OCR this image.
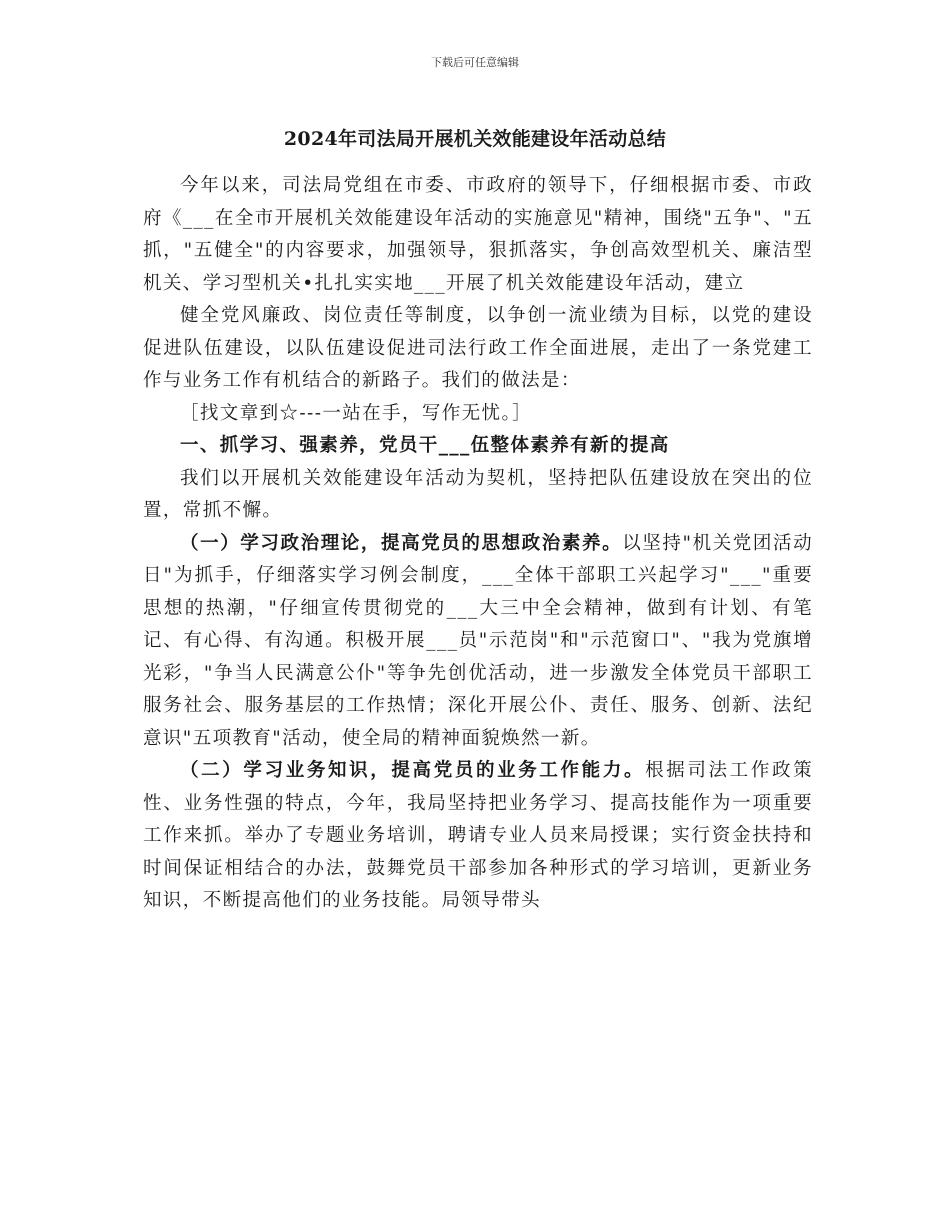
下载后可任意编辑
2024年司法局开展机关效能建设年活动总结

今年以来，司法局党组在市委、市政府的领导下，仔细根据市委、市政府《___在全市开展机关效能建设年活动的实施意见"精神，围绕"五争"、"五抓，"五健全"的内容要求，加强领导，狠抓落实，争创高效型机关、廉洁型机关、学习型机关•扎扎实实地___开展了机关效能建设年活动，建立

健全党风廉政、岗位责任等制度，以争创一流业绩为目标，以党的建设促进队伍建设，以队伍建设促进司法行政工作全面进展，走出了一条党建工作与业务工作有机结合的新路子。我们的做法是：

［找文章到☆---一站在手，写作无忧。］

一、抓学习、强素养，党员干___伍整体素养有新的提高

我们以开展机关效能建设年活动为契机，坚持把队伍建设放在突出的位置，常抓不懈。

（一）学习政治理论，提高党员的思想政治素养。以坚持"机关党团活动日"为抓手，仔细落实学习例会制度，___全体干部职工兴起学习"___"重要思想的热潮，"仔细宣传贯彻党的___大三中全会精神，做到有计划、有笔记、有心得、有沟通。积极开展___员"示范岗"和"示范窗口"、"我为党旗增光彩，"争当人民满意公仆"等争先创优活动，进一步激发全体党员干部职工服务社会、服务基层的工作热情；深化开展公仆、责任、服务、创新、法纪意识"五项教育"活动，使全局的精神面貌焕然一新。

（二）学习业务知识，提高党员的业务工作能力。根据司法工作政策性、业务性强的特点，今年，我局坚持把业务学习、提高技能作为一项重要工作来抓。举办了专题业务培训，聘请专业人员来局授课；实行资金扶持和时间保证相结合的办法，鼓舞党员干部参加各种形式的学习培训，更新业务知识，不断提高他们的业务技能。局领导带头
